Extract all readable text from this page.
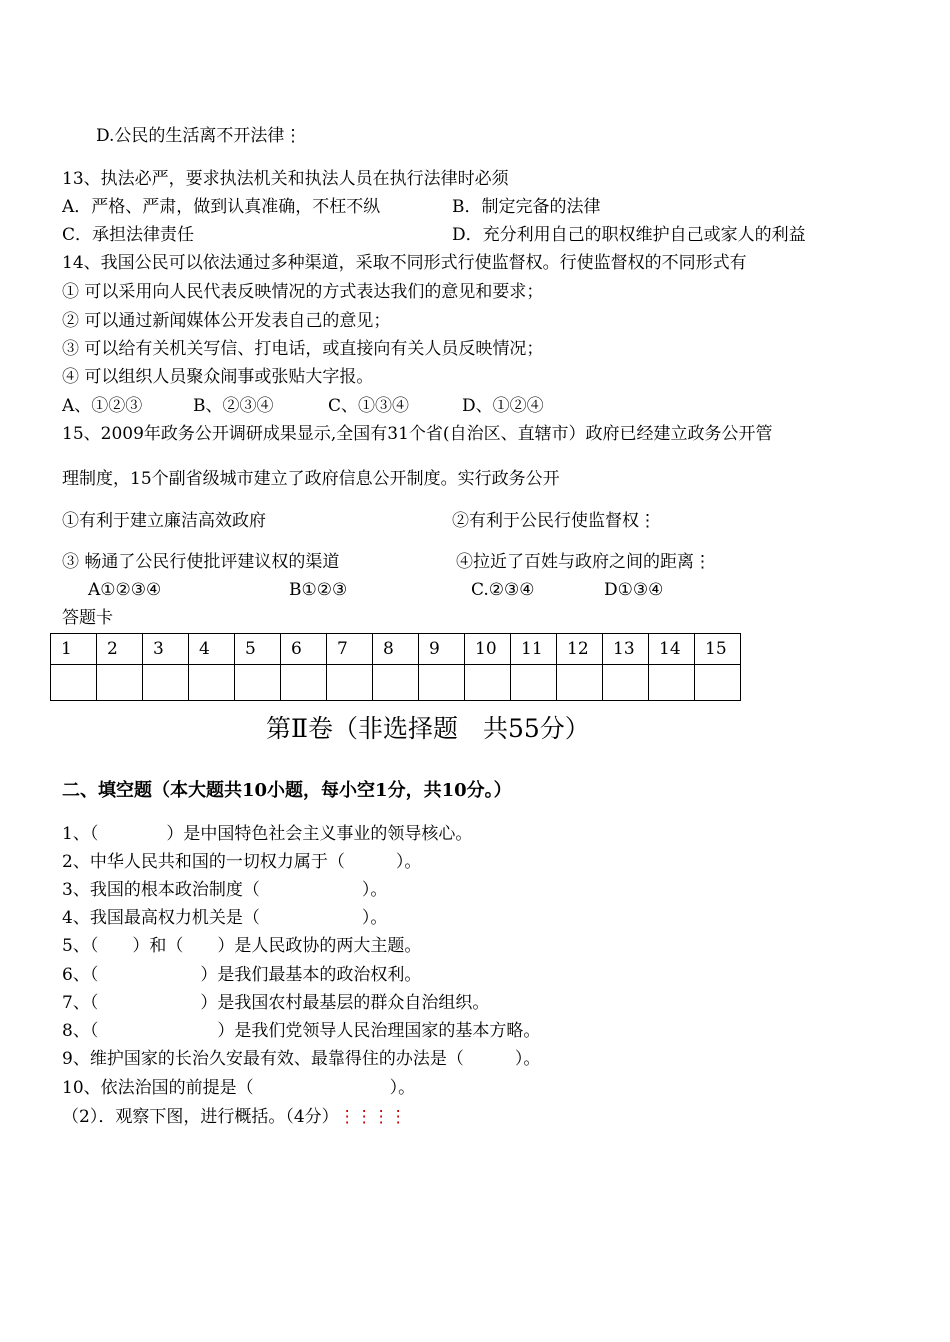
D.公民的生活离不开法律⋮
13、执法必严，要求执法机关和执法人员在执行法律时必须
A．严格、严肃，做到认真准确，不枉不纵	B．制定完备的法律
C．承担法律责任	D．充分利用自己的职权维护自己或家人的利益
14、我国公民可以依法通过多种渠道，采取不同形式行使监督权。行使监督权的不同形式有
① 可以采用向人民代表反映情况的方式表达我们的意见和要求；
② 可以通过新闻媒体公开发表自己的意见；
③ 可以给有关机关写信、打电话，或直接向有关人员反映情况；
④ 可以组织人员聚众闹事或张贴大字报。
A、①②③	B、②③④	C、①③④	D、①②④
15、2009年政务公开调研成果显示,全国有31个省(自治区、直辖市）政府已经建立政务公开管
理制度，15个副省级城市建立了政府信息公开制度。实行政务公开
①有利于建立廉洁高效政府	②有利于公民行使监督权⋮
③ 畅通了公民行使批评建议权的渠道	④拉近了百姓与政府之间的距离⋮
A①②③④	B①②③	C.②③④	D①③④
答题卡
1	2	3	4	5	6	7	8	9	10	11	12	13	14	15

第Ⅱ卷（非选择题　共55分）
二、填空题（本大题共10小题，每小空1分，共10分。）
1、（　　　　）是中国特色社会主义事业的领导核心。
2、中华人民共和国的一切权力属于（　　　）。
3、我国的根本政治制度（　　　　　　）。
4、我国最高权力机关是（　　　　　　）。
5、（　　）和（　　）是人民政协的两大主题。
6、（　　　　　　）是我们最基本的政治权利。
7、（　　　　　　）是我国农村最基层的群众自治组织。
8、（　　　　　　　）是我们党领导人民治理国家的基本方略。
9、维护国家的长治久安最有效、最靠得住的办法是（　　　）。
10、依法治国的前提是（　　　　　　　　）。
（2）．观察下图，进行概括。（4分）⋮⋮⋮⋮
